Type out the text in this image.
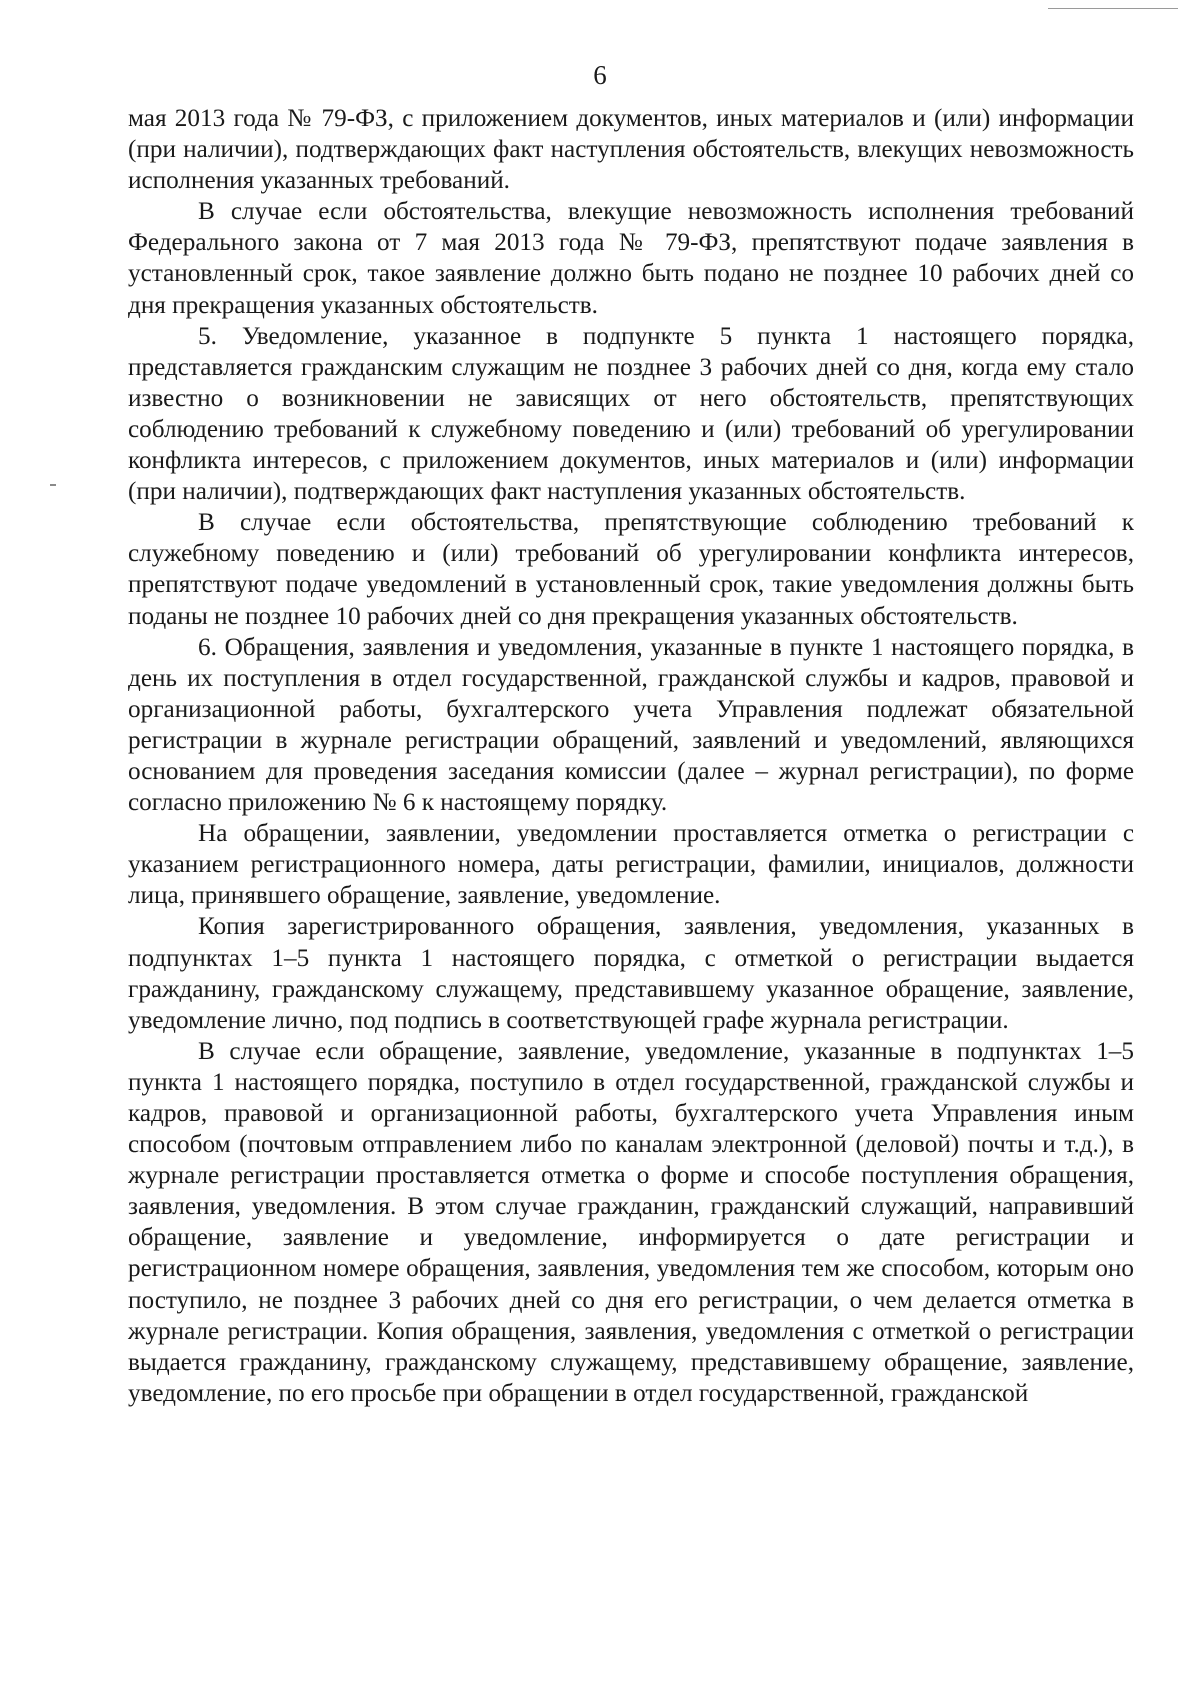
6

мая 2013 года № 79-ФЗ, с приложением документов, иных материалов и (или) информации (при наличии), подтверждающих факт наступления обстоятельств, влекущих невозможность исполнения указанных требований.

В случае если обстоятельства, влекущие невозможность исполнения требований Федерального закона от 7 мая 2013 года № 79-ФЗ, препятствуют подаче заявления в установленный срок, такое заявление должно быть подано не позднее 10 рабочих дней со дня прекращения указанных обстоятельств.

5. Уведомление, указанное в подпункте 5 пункта 1 настоящего порядка, представляется гражданским служащим не позднее 3 рабочих дней со дня, когда ему стало известно о возникновении не зависящих от него обстоятельств, препятствующих соблюдению требований к служебному поведению и (или) требований об урегулировании конфликта интересов, с приложением документов, иных материалов и (или) информации (при наличии), подтверждающих факт наступления указанных обстоятельств.

В случае если обстоятельства, препятствующие соблюдению требований к служебному поведению и (или) требований об урегулировании конфликта интересов, препятствуют подаче уведомлений в установленный срок, такие уведомления должны быть поданы не позднее 10 рабочих дней со дня прекращения указанных обстоятельств.

6. Обращения, заявления и уведомления, указанные в пункте 1 настоящего порядка, в день их поступления в отдел государственной, гражданской службы и кадров, правовой и организационной работы, бухгалтерского учета Управления подлежат обязательной регистрации в журнале регистрации обращений, заявлений и уведомлений, являющихся основанием для проведения заседания комиссии (далее – журнал регистрации), по форме согласно приложению № 6 к настоящему порядку.

На обращении, заявлении, уведомлении проставляется отметка о регистрации с указанием регистрационного номера, даты регистрации, фамилии, инициалов, должности лица, принявшего обращение, заявление, уведомление.

Копия зарегистрированного обращения, заявления, уведомления, указанных в подпунктах 1–5 пункта 1 настоящего порядка, с отметкой о регистрации выдается гражданину, гражданскому служащему, представившему указанное обращение, заявление, уведомление лично, под подпись в соответствующей графе журнала регистрации.

В случае если обращение, заявление, уведомление, указанные в подпунктах 1–5 пункта 1 настоящего порядка, поступило в отдел государственной, гражданской службы и кадров, правовой и организационной работы, бухгалтерского учета Управления иным способом (почтовым отправлением либо по каналам электронной (деловой) почты и т.д.), в журнале регистрации проставляется отметка о форме и способе поступления обращения, заявления, уведомления. В этом случае гражданин, гражданский служащий, направивший обращение, заявление и уведомление, информируется о дате регистрации и регистрационном номере обращения, заявления, уведомления тем же способом, которым оно поступило, не позднее 3 рабочих дней со дня его регистрации, о чем делается отметка в журнале регистрации. Копия обращения, заявления, уведомления с отметкой о регистрации выдается гражданину, гражданскому служащему, представившему обращение, заявление, уведомление, по его просьбе при обращении в отдел государственной, гражданской
